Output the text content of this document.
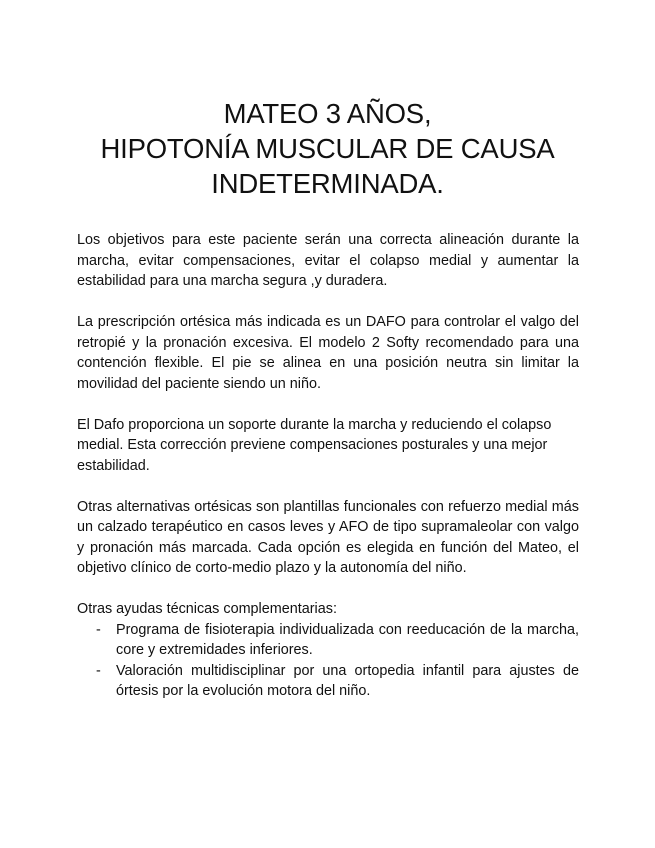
MATEO 3 AÑOS,
HIPOTONÍA MUSCULAR DE CAUSA
INDETERMINADA.

Los objetivos para este paciente serán una correcta alineación durante la marcha, evitar compensaciones, evitar el colapso medial y aumentar la estabilidad para una marcha segura ,y duradera.

La prescripción ortésica más indicada es un DAFO para controlar el valgo del retropié y la pronación excesiva. El modelo 2 Softy recomendado para una contención flexible. El pie se alinea en una posición neutra sin limitar la movilidad del paciente siendo un niño.

El Dafo proporciona un soporte durante la marcha y reduciendo el colapso medial. Esta corrección previene compensaciones posturales y una mejor estabilidad.

Otras alternativas ortésicas son plantillas funcionales con refuerzo medial más un calzado terapéutico en casos leves y AFO de tipo supramaleolar con valgo y pronación más marcada. Cada opción es elegida en función del Mateo, el objetivo clínico de corto-medio plazo y la autonomía del niño.

Otras ayudas técnicas complementarias:
- Programa de fisioterapia individualizada con reeducación de la marcha, core y extremidades inferiores.
- Valoración multidisciplinar por una ortopedia infantil para ajustes de órtesis por la evolución motora del niño.
